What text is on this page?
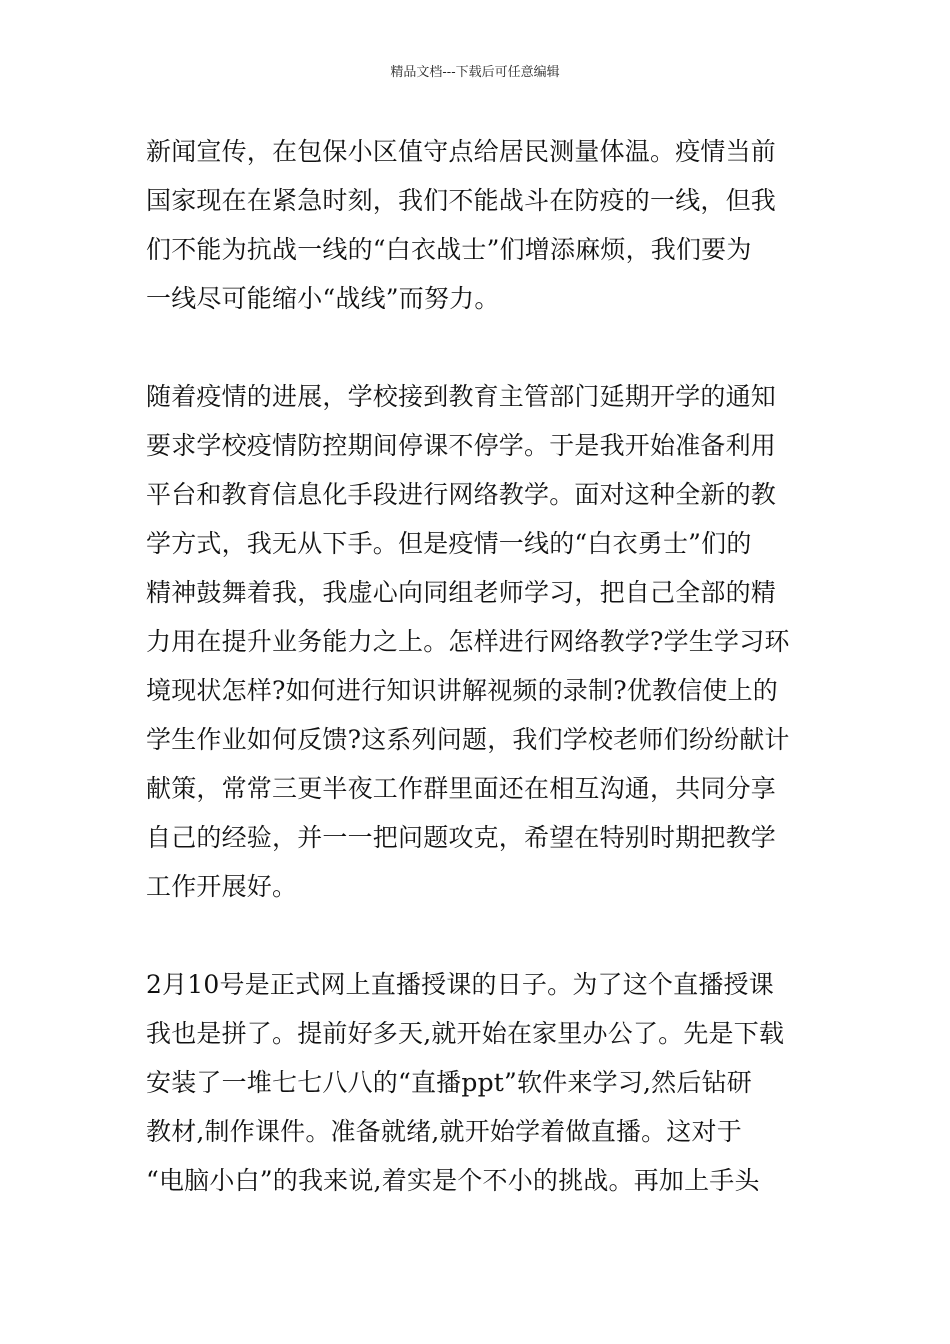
精品文档---下载后可任意编辑
新闻宣传，在包保小区值守点给居民测量体温。疫情当前
国家现在在紧急时刻，我们不能战斗在防疫的一线，但我
们不能为抗战一线的“白衣战士”们增添麻烦，我们要为
一线尽可能缩小“战线”而努力。
随着疫情的进展，学校接到教育主管部门延期开学的通知
要求学校疫情防控期间停课不停学。于是我开始准备利用
平台和教育信息化手段进行网络教学。面对这种全新的教
学方式，我无从下手。但是疫情一线的“白衣勇士”们的
精神鼓舞着我，我虚心向同组老师学习，把自己全部的精
力用在提升业务能力之上。怎样进行网络教学?学生学习环
境现状怎样?如何进行知识讲解视频的录制?优教信使上的
学生作业如何反馈?这系列问题，我们学校老师们纷纷献计
献策，常常三更半夜工作群里面还在相互沟通，共同分享
自己的经验，并一一把问题攻克，希望在特别时期把教学
工作开展好。
2月10号是正式网上直播授课的日子。为了这个直播授课
我也是拼了。提前好多天,就开始在家里办公了。先是下载
安装了一堆七七八八的“直播ppt”软件来学习,然后钻研
教材,制作课件。准备就绪,就开始学着做直播。这对于
“电脑小白”的我来说,着实是个不小的挑战。再加上手头
